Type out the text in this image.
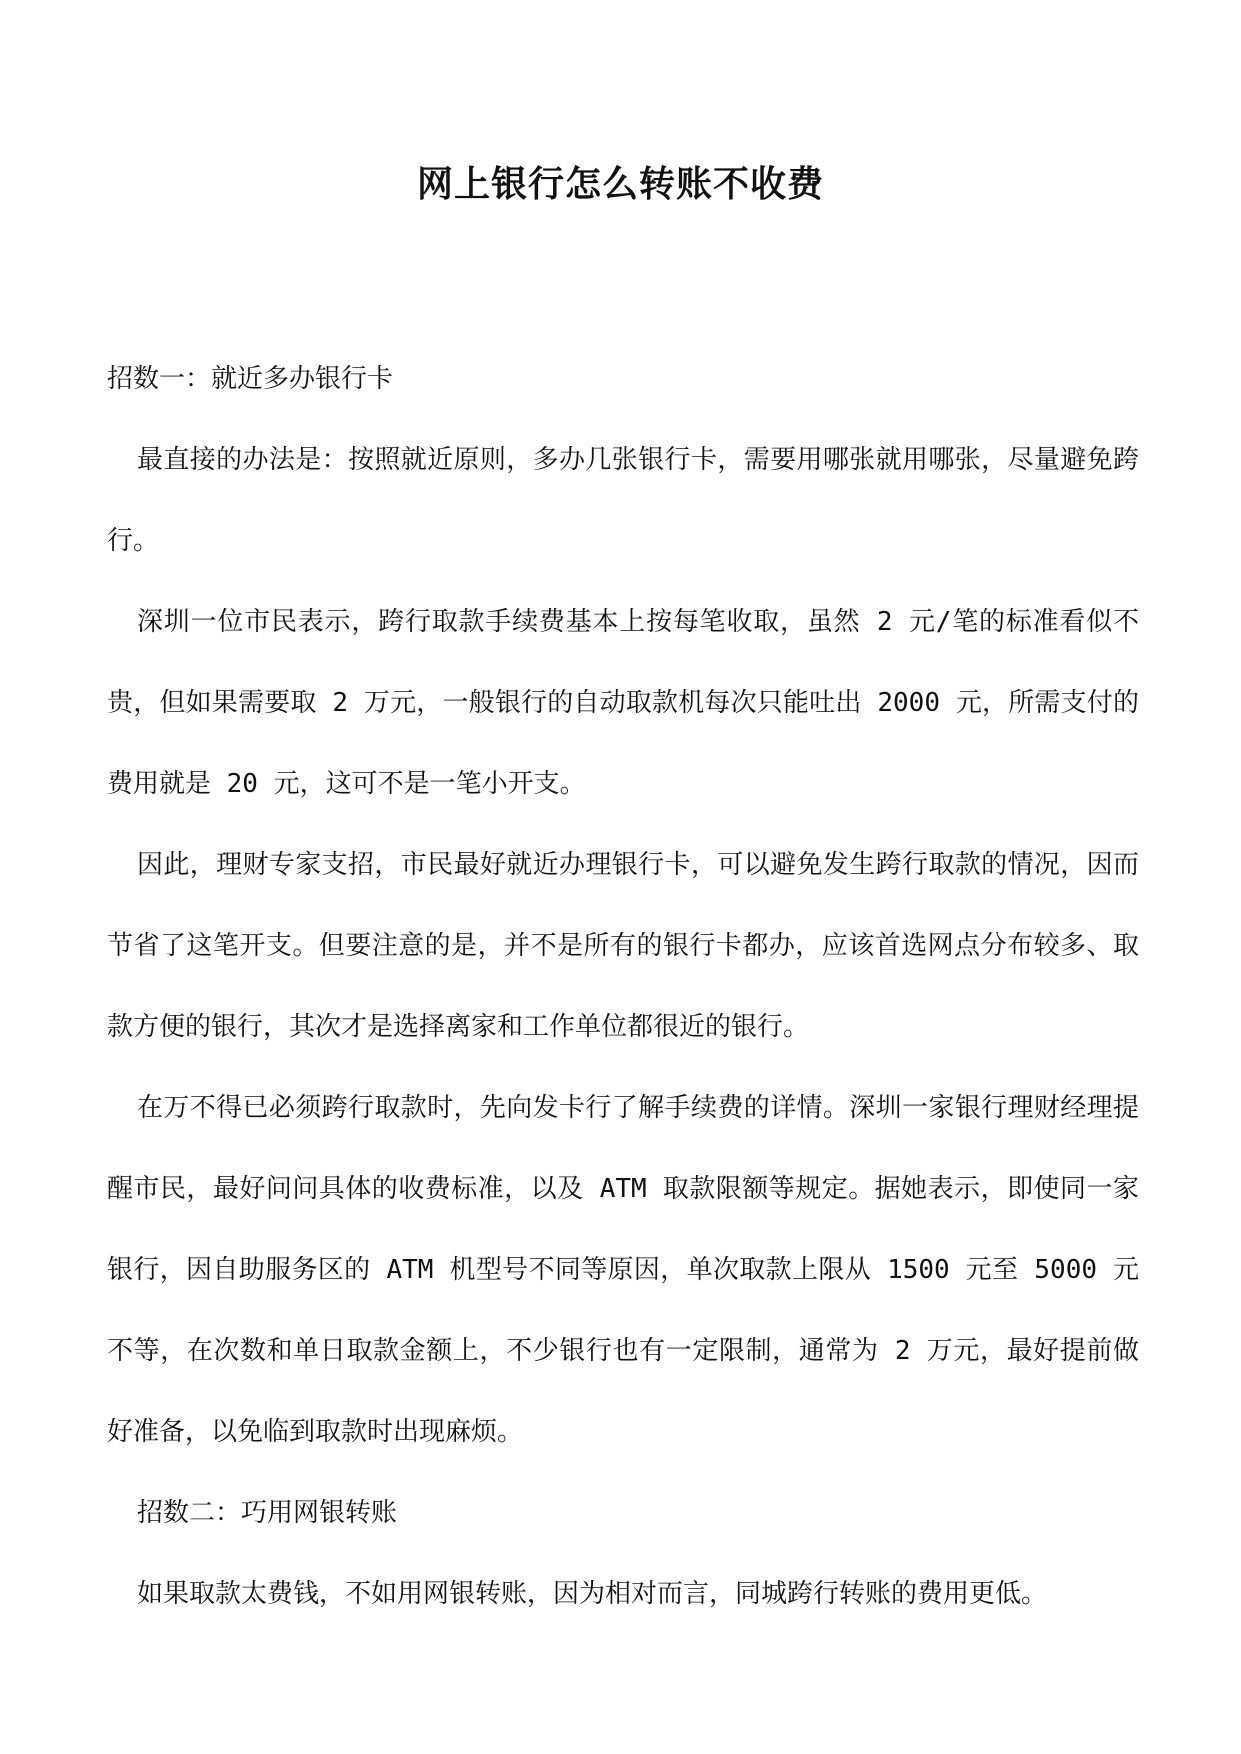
网上银行怎么转账不收费

招数一：就近多办银行卡

最直接的办法是：按照就近原则，多办几张银行卡，需要用哪张就用哪张，尽量避免跨行。

深圳一位市民表示，跨行取款手续费基本上按每笔收取，虽然 2 元/笔的标准看似不贵，但如果需要取 2 万元，一般银行的自动取款机每次只能吐出 2000 元，所需支付的费用就是 20 元，这可不是一笔小开支。

因此，理财专家支招，市民最好就近办理银行卡，可以避免发生跨行取款的情况，因而节省了这笔开支。但要注意的是，并不是所有的银行卡都办，应该首选网点分布较多、取款方便的银行，其次才是选择离家和工作单位都很近的银行。

在万不得已必须跨行取款时，先向发卡行了解手续费的详情。深圳一家银行理财经理提醒市民，最好问问具体的收费标准，以及 ATM 取款限额等规定。据她表示，即使同一家银行，因自助服务区的 ATM 机型号不同等原因，单次取款上限从 1500 元至 5000 元不等，在次数和单日取款金额上，不少银行也有一定限制，通常为 2 万元，最好提前做好准备，以免临到取款时出现麻烦。

招数二：巧用网银转账

如果取款太费钱，不如用网银转账，因为相对而言，同城跨行转账的费用更低。
